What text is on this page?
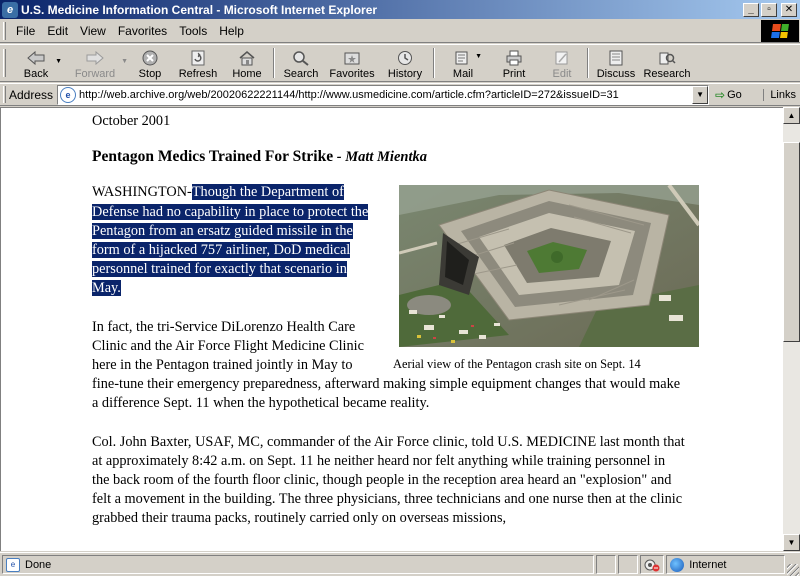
e U.S. Medicine Information Central - Microsoft Internet Explorer	_	▫	✕
File	Edit	View	Favorites	Tools	Help
Back
▼
Forward
▼
Stop Refresh Home Search Favorites History	Mail
▼
Print Edit Discuss Research
Address	e http://web.archive.org/web/20020622221144/http://www.usmedicine.com/article.cfm?articleID=272&issueID=31	▼ ⇨ Go	Links
October 2001
Pentagon Medics Trained For Strike - Matt Mientka
Aerial view of the Pentagon crash site on Sept. 14

WASHINGTON-Though the Department of Defense had no capability in place to protect the Pentagon from an ersatz guided missile in the form of a hijacked 757 airliner, DoD medical personnel trained for exactly that scenario in May.

In fact, the tri-Service DiLorenzo Health Care Clinic and the Air Force Flight Medicine Clinic here in the Pentagon trained jointly in May to fine-tune their emergency preparedness, afterward making simple equipment changes that would make a difference Sept. 11 when the hypothetical became reality.

Col. John Baxter, USAF, MC, commander of the Air Force clinic, told U.S. MEDICINE last month that at approximately 8:42 a.m. on Sept. 11 he neither heard nor felt anything while training personnel in the back room of the fourth floor clinic, though people in the reception area heard an "explosion" and felt a movement in the building. The three physicians, three technicians and one nurse then at the clinic grabbed their trauma packs, routinely carried only on overseas missions,

▲
▼
e Done	Internet
